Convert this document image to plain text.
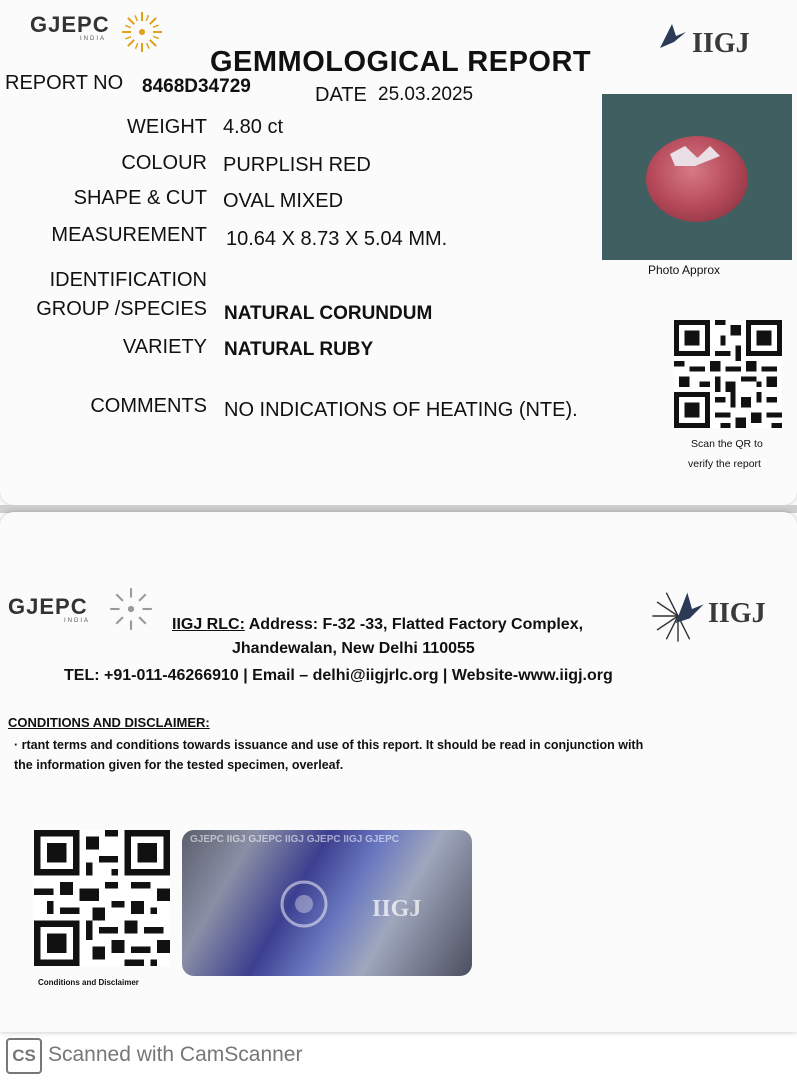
GJEPC
INDIA	IIGJ
GEMMOLOGICAL REPORT
REPORT NO 8468D34729	DATE 25.03.2025
WEIGHT 4.80 ct
COLOUR PURPLISH RED
SHAPE & CUT OVAL MIXED
MEASUREMENT 10.64 X 8.73 X 5.04 MM.
IDENTIFICATION
GROUP /SPECIES NATURAL CORUNDUM
VARIETY NATURAL RUBY
COMMENTS NO INDICATIONS OF HEATING (NTE).
Photo Approx
Scan the QR to
verify the report
GJEPC
INDIA	IIGJ
IIGJ RLC: Address: F-32 -33, Flatted Factory Complex,
Jhandewalan, New Delhi 110055
TEL: +91-011-46266910 | Email – delhi@iigjrlc.org | Website-www.iigj.org
CONDITIONS AND DISCLAIMER:
· rtant terms and conditions towards issuance and use of this report. It should be read in conjunction with
the information given for the tested specimen, overleaf.
Conditions and Disclaimer
GJEPC IIGJ GJEPC IIGJ GJEPC IIGJ GJEPC
IIGJ
CS Scanned with CamScanner
